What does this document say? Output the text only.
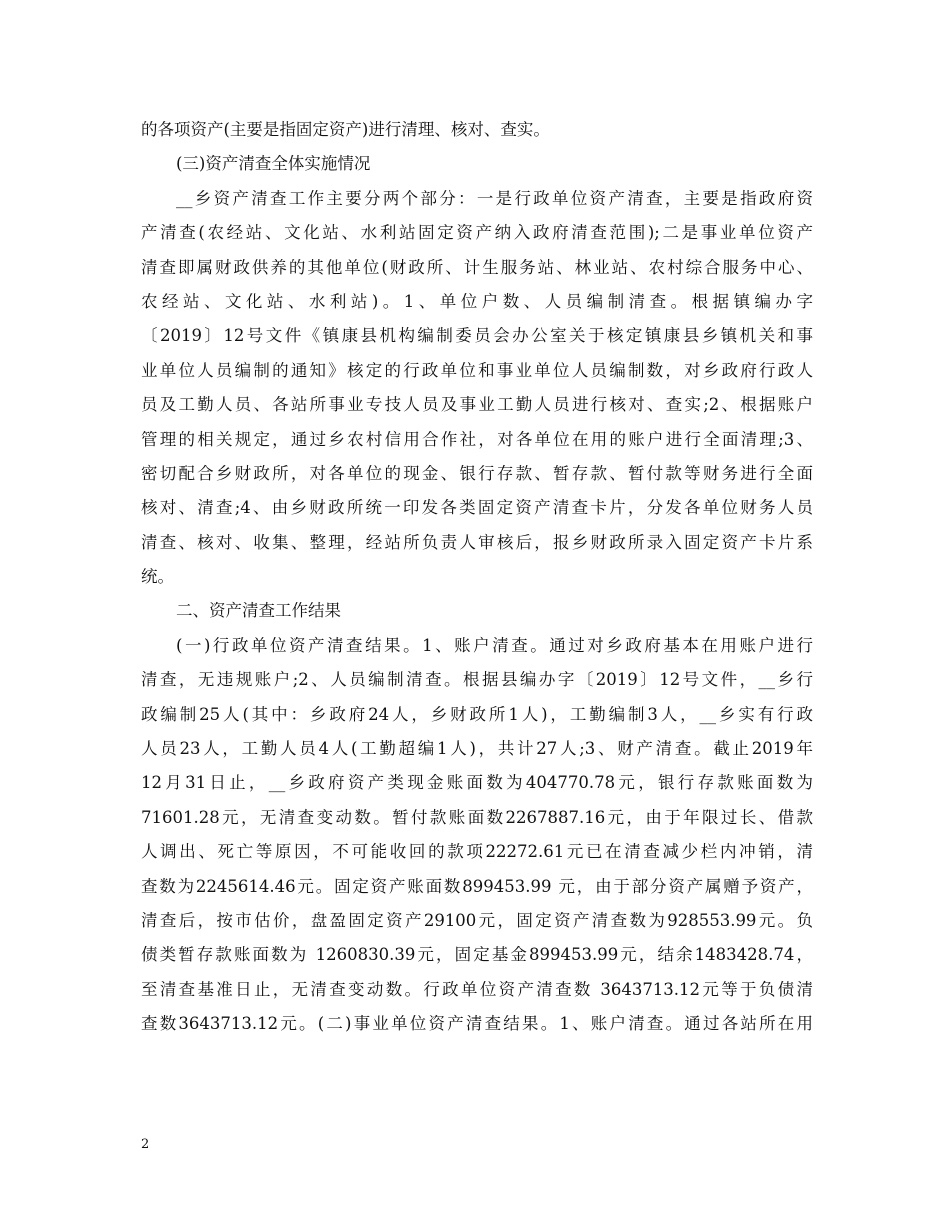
的各项资产(主要是指固定资产)进行清理、核对、查实。
(三)资产清查全体实施情况
__乡资产清查工作主要分两个部分：一是行政单位资产清查，主要是指政府资
产清查(农经站、文化站、水利站固定资产纳入政府清查范围);二是事业单位资产
清查即属财政供养的其他单位(财政所、计生服务站、林业站、农村综合服务中心、
农经站、文化站、水利站)。1、单位户数、人员编制清查。根据镇编办字
〔2019〕12号文件《镇康县机构编制委员会办公室关于核定镇康县乡镇机关和事
业单位人员编制的通知》核定的行政单位和事业单位人员编制数，对乡政府行政人
员及工勤人员、各站所事业专技人员及事业工勤人员进行核对、查实;2、根据账户
管理的相关规定，通过乡农村信用合作社，对各单位在用的账户进行全面清理;3、
密切配合乡财政所，对各单位的现金、银行存款、暂存款、暂付款等财务进行全面
核对、清查;4、由乡财政所统一印发各类固定资产清查卡片，分发各单位财务人员
清查、核对、收集、整理，经站所负责人审核后，报乡财政所录入固定资产卡片系
统。
二、资产清查工作结果
(一)行政单位资产清查结果。1、账户清查。通过对乡政府基本在用账户进行
清查，无违规账户;2、人员编制清查。根据县编办字〔2019〕12号文件，__乡行
政编制25人(其中：乡政府24人，乡财政所1人)，工勤编制3人，__乡实有行政
人员23人，工勤人员4人(工勤超编1人)，共计27人;3、财产清查。截止2019年
12月31日止，__乡政府资产类现金账面数为404770.78元，银行存款账面数为
71601.28元，无清查变动数。暂付款账面数2267887.16元，由于年限过长、借款
人调出、死亡等原因，不可能收回的款项22272.61元已在清查减少栏内冲销，清
查数为2245614.46元。固定资产账面数899453.99 元，由于部分资产属赠予资产，
清查后，按市估价，盘盈固定资产29100元，固定资产清查数为928553.99元。负
债类暂存款账面数为 1260830.39元，固定基金899453.99元，结余1483428.74，
至清查基准日止，无清查变动数。行政单位资产清查数 3643713.12元等于负债清
查数3643713.12元。(二)事业单位资产清查结果。1、账户清查。通过各站所在用
2
